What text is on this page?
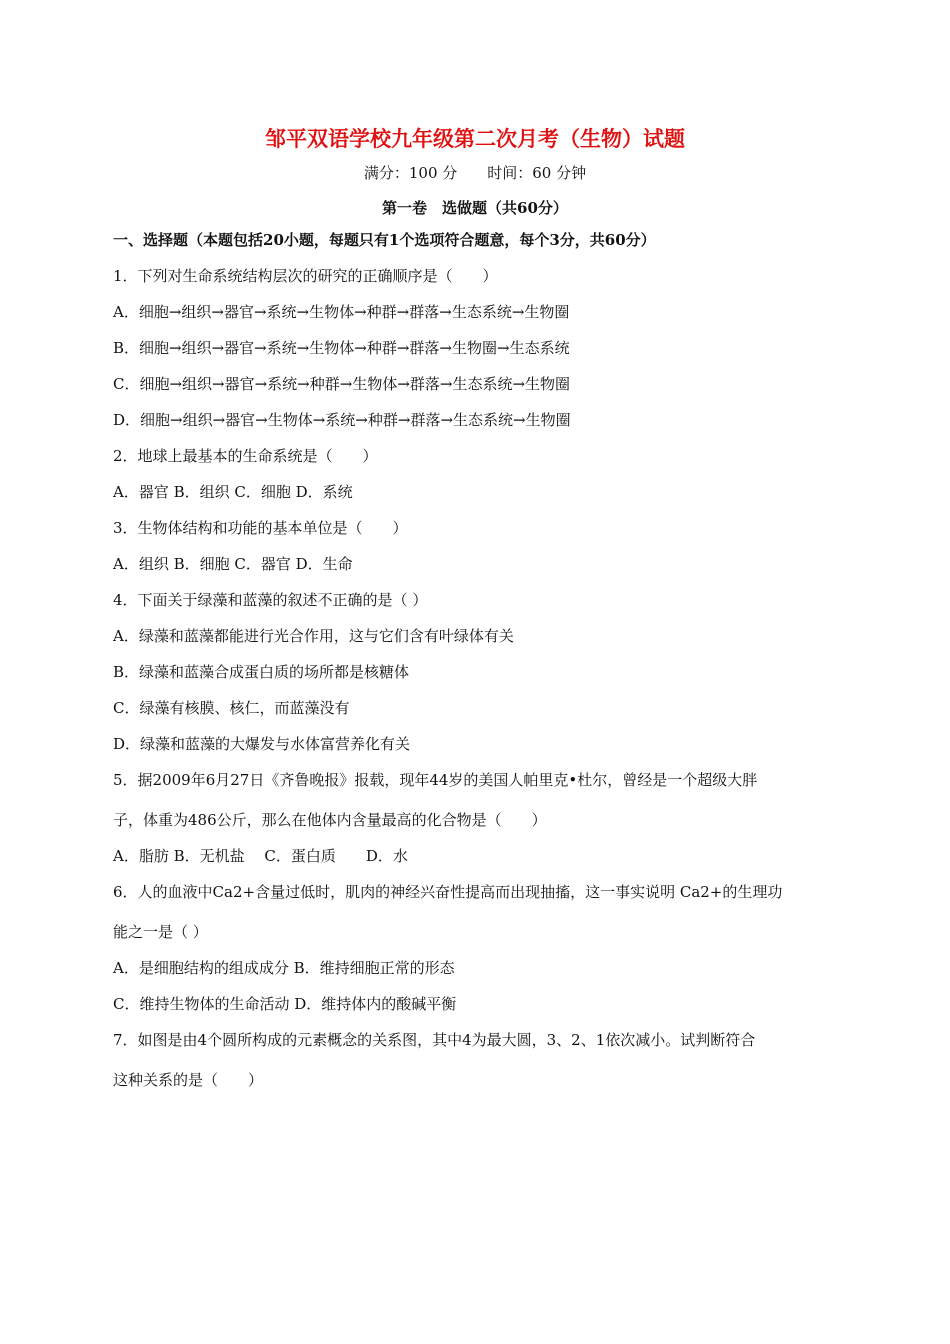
邹平双语学校九年级第二次月考（生物）试题
满分：100 分　　时间：60 分钟
第一卷　选做题（共60分）
一、选择题（本题包括20小题，每题只有1个选项符合题意，每个3分，共60分）
1．下列对生命系统结构层次的研究的正确顺序是（　　）
A．细胞→组织→器官→系统→生物体→种群→群落→生态系统→生物圈
B．细胞→组织→器官→系统→生物体→种群→群落→生物圈→生态系统
C．细胞→组织→器官→系统→种群→生物体→群落→生态系统→生物圈
D．细胞→组织→器官→生物体→系统→种群→群落→生态系统→生物圈
2．地球上最基本的生命系统是（　　）
A．器官 B．组织 C．细胞 D．系统
3．生物体结构和功能的基本单位是（　　）
A．组织 B．细胞 C．器官 D．生命
4．下面关于绿藻和蓝藻的叙述不正确的是（ ）
A．绿藻和蓝藻都能进行光合作用，这与它们含有叶绿体有关
B．绿藻和蓝藻合成蛋白质的场所都是核糖体
C．绿藻有核膜、核仁，而蓝藻没有
D．绿藻和蓝藻的大爆发与水体富营养化有关
5．据2009年6月27日《齐鲁晚报》报载，现年44岁的美国人帕里克•杜尔，曾经是一个超级大胖
子，体重为486公斤，那么在他体内含量最高的化合物是（　　）
A．脂肪 B．无机盐　 C．蛋白质　　D．水
6．人的血液中Ca2+含量过低时，肌肉的神经兴奋性提高而出现抽搐，这一事实说明 Ca2+的生理功
能之一是（ ）
A．是细胞结构的组成成分 B．维持细胞正常的形态
C．维持生物体的生命活动 D．维持体内的酸碱平衡
7．如图是由4个圆所构成的元素概念的关系图，其中4为最大圆，3、2、1依次减小。试判断符合
这种关系的是（　　）
